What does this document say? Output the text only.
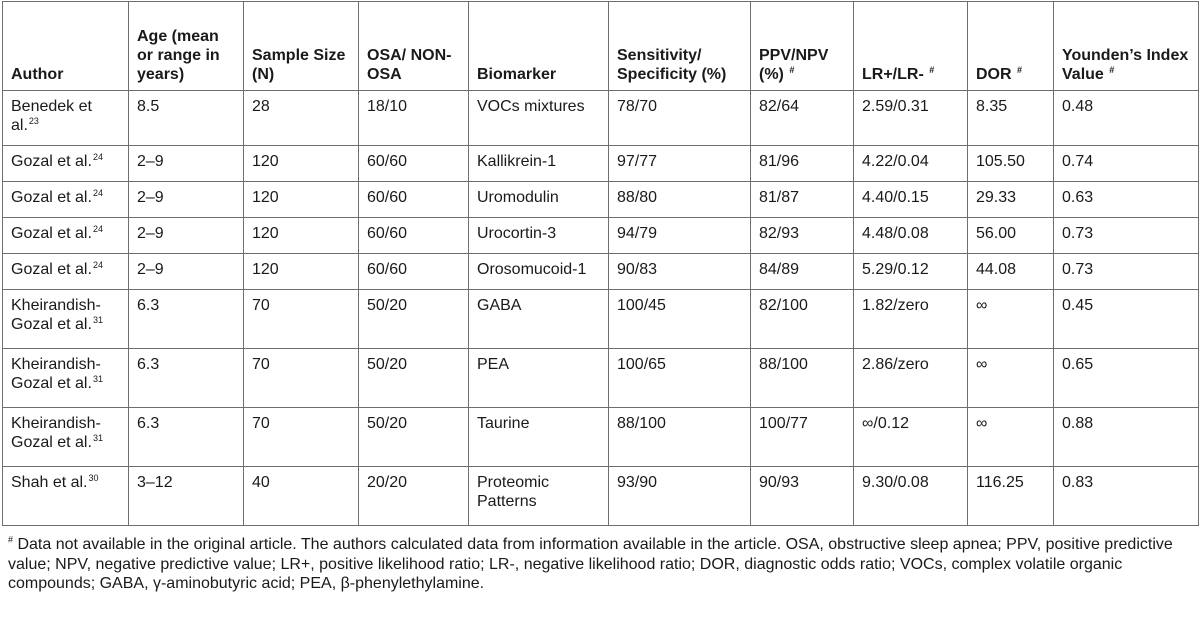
Author	Age (mean or range in years)	Sample Size (N)	OSA/ NON-OSA	Biomarker	Sensitivity/ Specificity (%)	PPV/NPV (%) #	LR+/LR- #	DOR #	Younden’s Index Value #
Benedek et al.$^{23}$	8.5	28	18/10	VOCs mixtures	78/70	82/64	2.59/0.31	8.35	0.48
Gozal et al.$^{24}$	2–9	120	60/60	Kallikrein-1	97/77	81/96	4.22/0.04	105.50	0.74
Gozal et al.$^{24}$	2–9	120	60/60	Uromodulin	88/80	81/87	4.40/0.15	29.33	0.63
Gozal et al.$^{24}$	2–9	120	60/60	Urocortin-3	94/79	82/93	4.48/0.08	56.00	0.73
Gozal et al.$^{24}$	2–9	120	60/60	Orosomucoid-1	90/83	84/89	5.29/0.12	44.08	0.73
Kheirandish-Gozal et al.$^{31}$	6.3	70	50/20	GABA	100/45	82/100	1.82/zero	∞	0.45
Kheirandish-Gozal et al.$^{31}$	6.3	70	50/20	PEA	100/65	88/100	2.86/zero	∞	0.65
Kheirandish-Gozal et al.$^{31}$	6.3	70	50/20	Taurine	88/100	100/77	∞/0.12	∞	0.88
Shah et al.$^{30}$	3–12	40	20/20	Proteomic Patterns	93/90	90/93	9.30/0.08	116.25	0.83
# Data not available in the original article. The authors calculated data from information available in the article. OSA, obstructive sleep apnea; PPV, positive predictive value; NPV, negative predictive value; LR+, positive likelihood ratio; LR-, negative likelihood ratio; DOR, diagnostic odds ratio; VOCs, complex volatile organic compounds; GABA, γ-aminobutyric acid; PEA, β-phenylethylamine.
